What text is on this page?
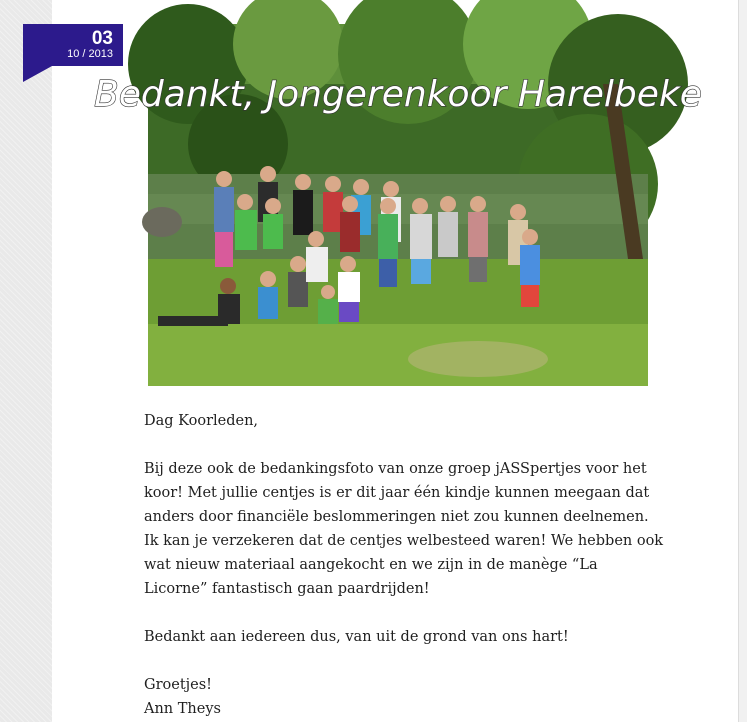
03
10 / 2013
Bedankt, Jongerenkoor Harelbeke

Dag Koorleden,

Bij deze ook de bedankingsfoto van onze groep jASSpertjes voor het koor! Met jullie centjes is er dit jaar één kindje kunnen meegaan dat anders door financiële beslommeringen niet zou kunnen deelnemen. Ik kan je verzekeren dat de centjes welbesteed waren! We hebben ook wat nieuw materiaal aangekocht en we zijn in de manège “La Licorne” fantastisch gaan paardrijden!

Bedankt aan iedereen dus, van uit de grond van ons hart!

Groetjes!

Ann Theys
